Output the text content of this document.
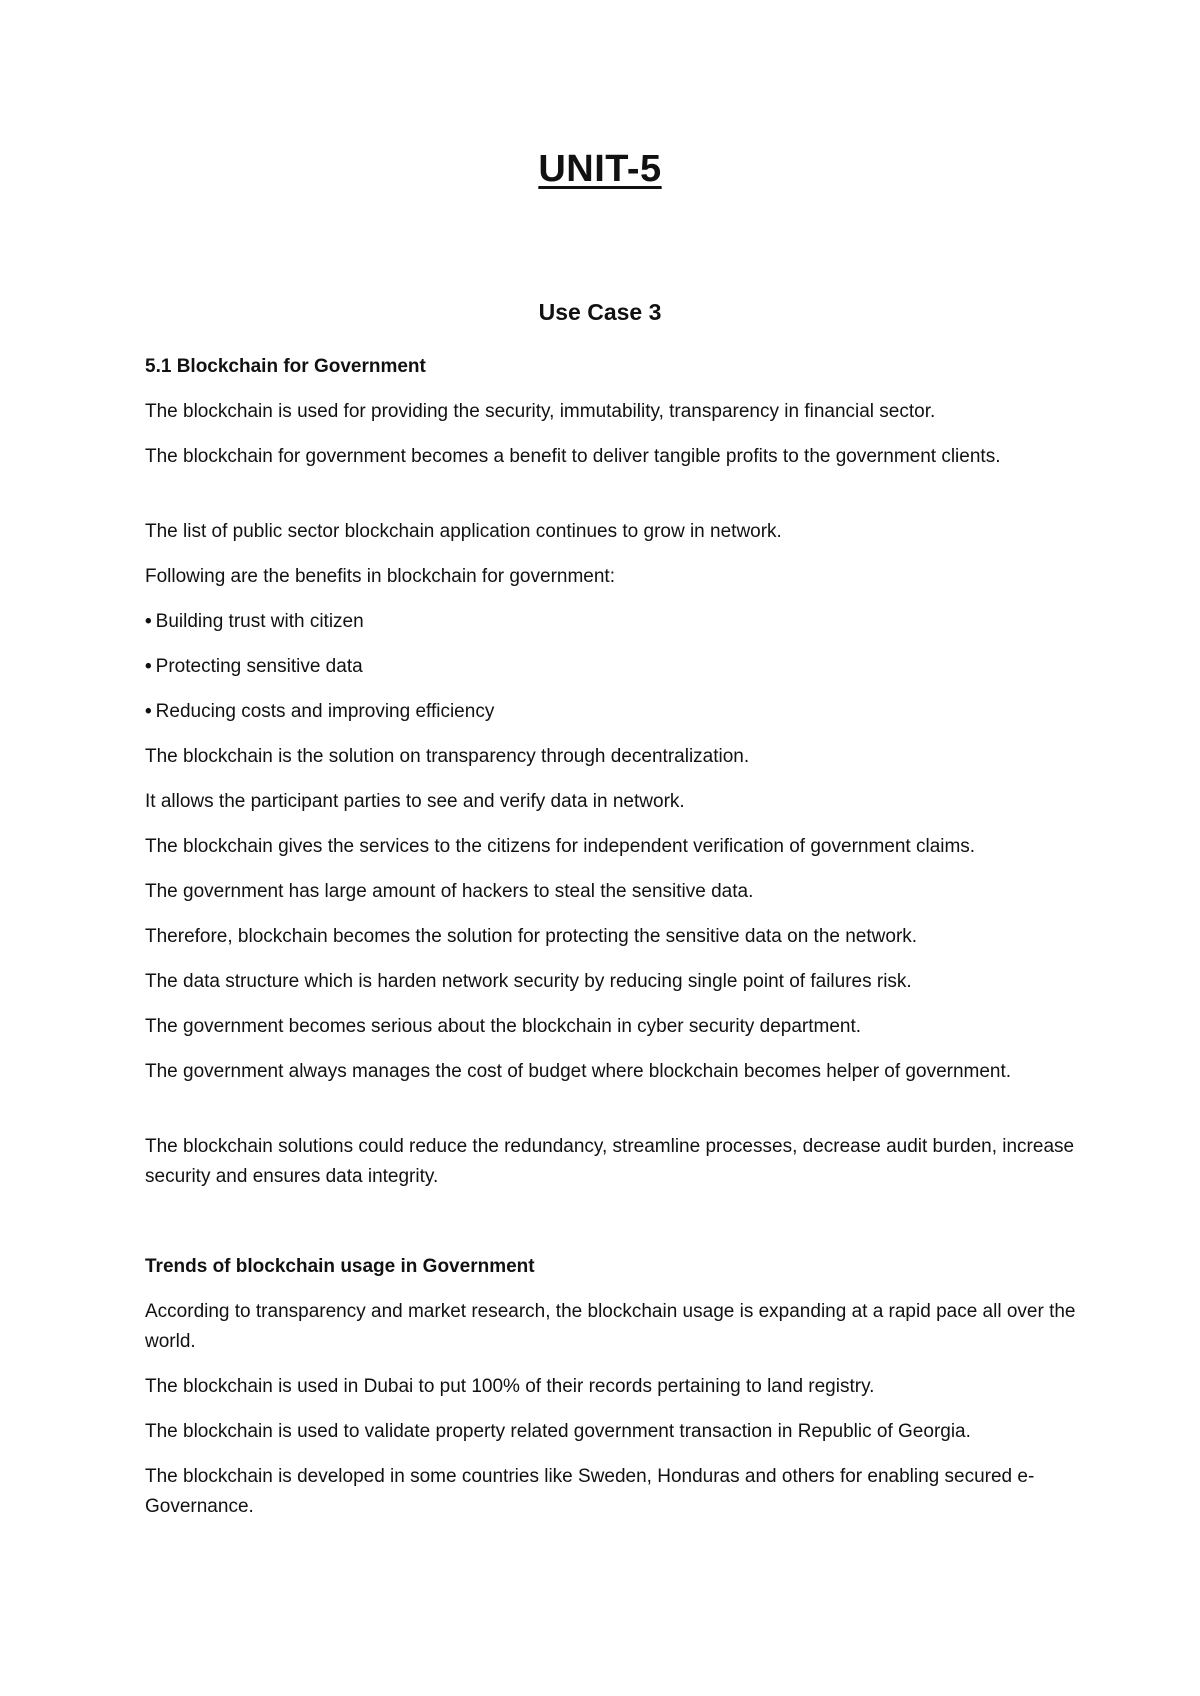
UNIT-5
Use Case 3

5.1 Blockchain for Government

The blockchain is used for providing the security, immutability, transparency in financial sector.

The blockchain for government becomes a benefit to deliver tangible profits to the government clients.

The list of public sector blockchain application continues to grow in network.

Following are the benefits in blockchain for government:

• Building trust with citizen

• Protecting sensitive data

• Reducing costs and improving efficiency

The blockchain is the solution on transparency through decentralization.

It allows the participant parties to see and verify data in network.

The blockchain gives the services to the citizens for independent verification of government claims.

The government has large amount of hackers to steal the sensitive data.

Therefore, blockchain becomes the solution for protecting the sensitive data on the network.

The data structure which is harden network security by reducing single point of failures risk.

The government becomes serious about the blockchain in cyber security department.

The government always manages the cost of budget where blockchain becomes helper of government.

The blockchain solutions could reduce the redundancy, streamline processes, decrease audit burden, increase security and ensures data integrity.

Trends of blockchain usage in Government

According to transparency and market research, the blockchain usage is expanding at a rapid pace all over the world.

The blockchain is used in Dubai to put 100% of their records pertaining to land registry.

The blockchain is used to validate property related government transaction in Republic of Georgia.

The blockchain is developed in some countries like Sweden, Honduras and others for enabling secured e- Governance.
